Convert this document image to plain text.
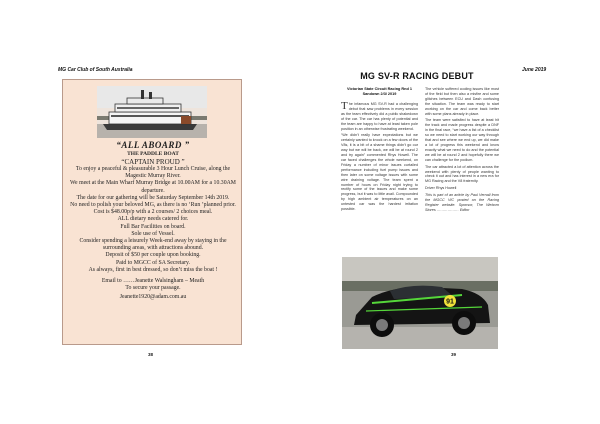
MG Car Club of South Australia	June 2019
“ALL ABOARD ”
THE PADDLE BOAT
“CAPTAIN PROUD ”
To enjoy a peaceful & pleasurable 3 Hour Lunch Cruise, along the Magestic Murray River.
We meet at the Main Wharf Murray Bridge at 10.00AM for a 10.30AM departure.
The date for our gathering will be Saturday September 14th 2019.
No need to polish your beloved MG, as there is no ‘Run ’planned prior.
Cost is $48.00p/p with a 2 courses/ 2 choices meal.
ALL dietary needs catered for.
Full Bar Facilities on board.
Sole use of Vessel.
Consider spending a leisurely Week-end away by staying in the
surrounding areas, with attractions abound.
Deposit of $50 per couple upon booking.
Paid to MGCC of SA Secretary.
As always, first in best dressed, so don’t miss the boat !
Email to ……Jeanette Walsingham – Meath
To secure your passage.
Jeanette1920@adam.com.au
38
MG SV-R RACING DEBUT
Victorian State Circuit Racing Rnd 1 Sandown 2/3/ 2019

The infamous MG SV-R had a challenging debut that saw problems in every session as the team effectively did a public shakedown of the car. The car has plenty of potential and the team are happy to have at least taken pole position in an otherwise frustrating weekend.

“We didn't really have expectations but we certainly wanted to knock on a few doors of the V8s, it is a bit of a shame things didn't go our way but we will be back, we will be at round 2 and try again” commented Rhys Howell. The car faced challenges the whole weekend, on Friday a number of minor issues curtailed performance including fuel pump issues and then later on some voltage issues with some wire draining voltage. The team spent a number of hours on Friday night trying to rectify some of the issues and make some progress, but it was to little avail. Compounded by high ambient air temperatures on an untested car was the hardest irritation possible.

The vehicle suffered cooling issues like most of the field but then also a misfire and some glitches between ECU and Dash confusing the situation. The team was ready to start working on the car and come back better with some plans already in place.

The team were satisfied to have at least hit the track and made progress despite a DNF in the final race, “we have a list of a checklist so we need to start working our way through that and see where we end up, we did make a lot of progress this weekend and know exactly what we need to do and the potential we will be at round 2 and hopefully there we can challenge for the podium.

The car attracted a lot of attention across the weekend with plenty of people wanting to check it out and has interest in a new era for MG Racing and the V8 fraternity.

Driver Rhys Howell

This is part of an article by Paul Vernall from the MGCC VIC posted on the Racing Register website. Sponsor, The Weborn Stores ……………… Editor

91
39
